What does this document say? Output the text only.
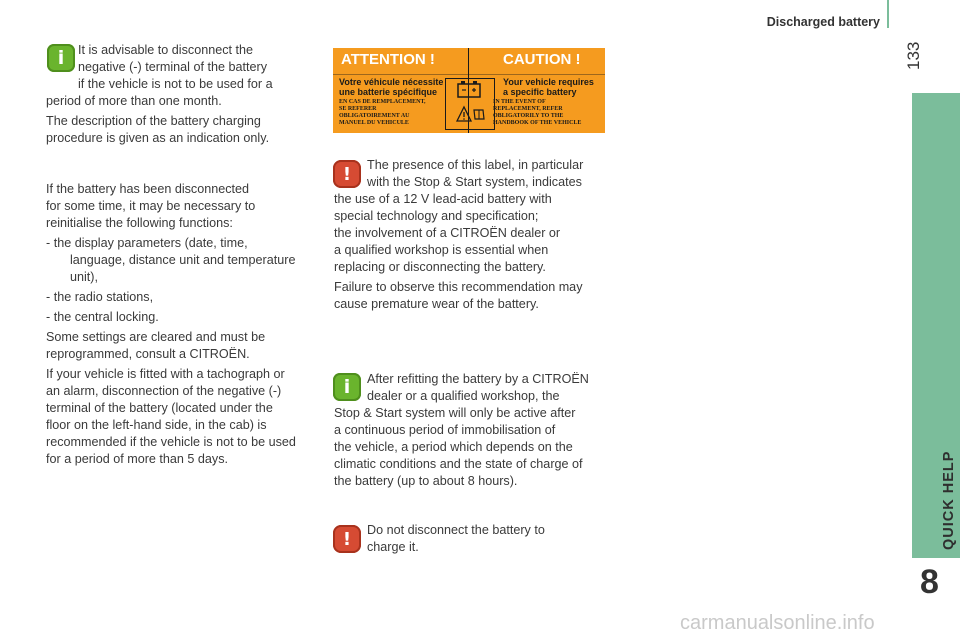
Discharged battery
133
QUICK HELP
8
i	It is advisable to disconnect the

negative (-) terminal of the battery

if the vehicle is not to be used for a

period of more than one month.

The description of the battery charging

procedure is given as an indication only.

If the battery has been disconnected

for some time, it may be necessary to

reinitialise the following functions:

- the display parameters (date, time,

language, distance unit and temperature

unit),

- the radio stations,

- the central locking.

Some settings are cleared and must be

reprogrammed, consult a CITROËN.

If your vehicle is fitted with a tachograph or

an alarm, disconnection of the negative (-)

terminal of the battery (located under the

floor on the left-hand side, in the cab) is

recommended if the vehicle is not to be used

for a period of more than 5 days.

ATTENTION !	CAUTION !
Votre véhicule nécessite
une batterie spécifique
Your vehicle requires
a specific battery
EN CAS DE REMPLACEMENT,
SE REFERER
OBLIGATOIREMENT AU
MANUEL DU VEHICULE
IN THE EVENT OF
REPLACEMENT, REFER
OBLIGATORILY TO THE
HANDBOOK OF THE VEHICLE
!	The presence of this label, in particular

with the Stop & Start system, indicates

the use of a 12 V lead-acid battery with

special technology and specification;

the involvement of a CITROËN dealer or

a qualified workshop is essential when

replacing or disconnecting the battery.

Failure to observe this recommendation may

cause premature wear of the battery.

i	After refitting the battery by a CITROËN

dealer or a qualified workshop, the

Stop & Start system will only be active after

a continuous period of immobilisation of

the vehicle, a period which depends on the

climatic conditions and the state of charge of

the battery (up to about 8 hours).

!	Do not disconnect the battery to

charge it.

carmanualsonline.info
